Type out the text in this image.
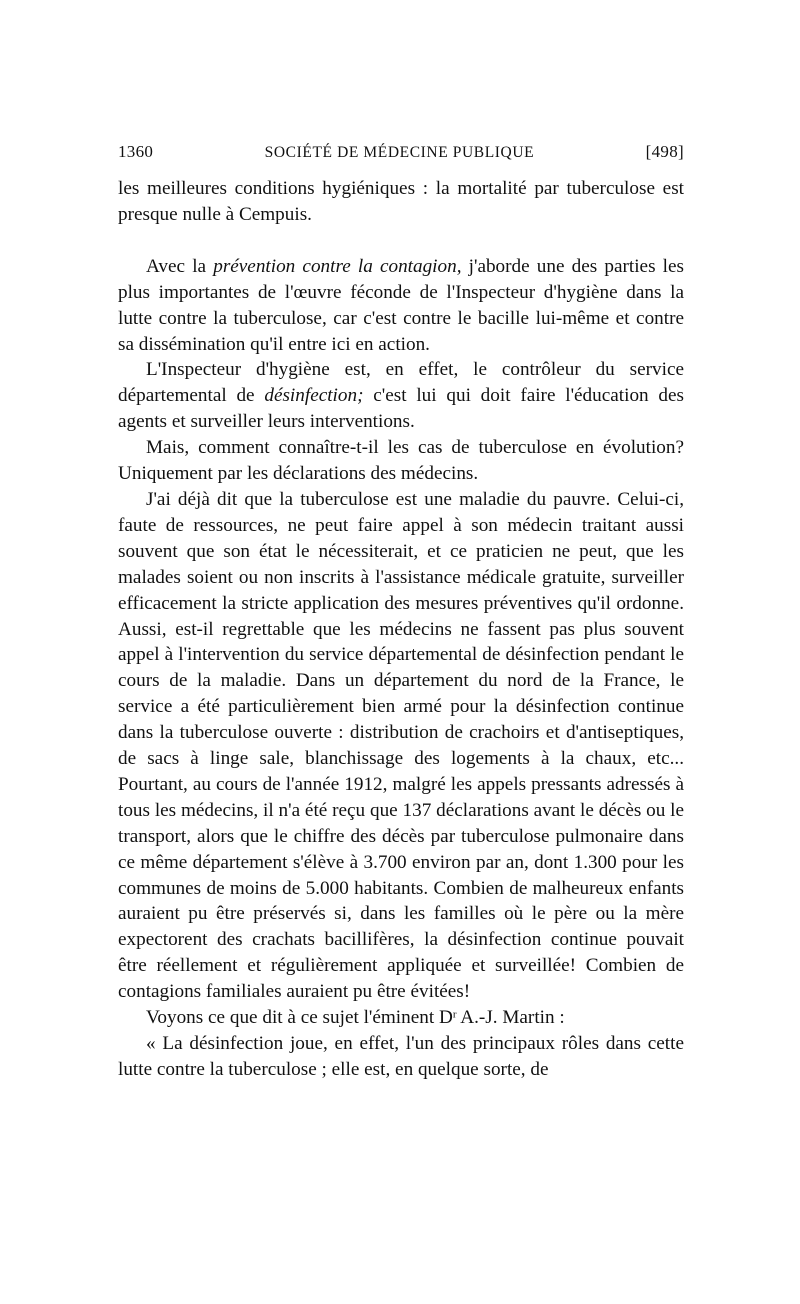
1360	SOCIÉTÉ DE MÉDECINE PUBLIQUE	[498]

les meilleures conditions hygiéniques : la mortalité par tuberculose est presque nulle à Cempuis.

Avec la prévention contre la contagion, j'aborde une des parties les plus importantes de l'œuvre féconde de l'Inspecteur d'hygiène dans la lutte contre la tuberculose, car c'est contre le bacille lui-même et contre sa dissémination qu'il entre ici en action.

L'Inspecteur d'hygiène est, en effet, le contrôleur du service départemental de désinfection; c'est lui qui doit faire l'éducation des agents et surveiller leurs interventions.

Mais, comment connaître-t-il les cas de tuberculose en évolution? Uniquement par les déclarations des médecins.

J'ai déjà dit que la tuberculose est une maladie du pauvre. Celui-ci, faute de ressources, ne peut faire appel à son médecin traitant aussi souvent que son état le nécessiterait, et ce praticien ne peut, que les malades soient ou non inscrits à l'assistance médicale gratuite, surveiller efficacement la stricte application des mesures préventives qu'il ordonne. Aussi, est-il regrettable que les médecins ne fassent pas plus souvent appel à l'intervention du service départemental de désinfection pendant le cours de la maladie. Dans un département du nord de la France, le service a été particulièrement bien armé pour la désinfection continue dans la tuberculose ouverte : distribution de crachoirs et d'antiseptiques, de sacs à linge sale, blanchissage des logements à la chaux, etc... Pourtant, au cours de l'année 1912, malgré les appels pressants adressés à tous les médecins, il n'a été reçu que 137 déclarations avant le décès ou le transport, alors que le chiffre des décès par tuberculose pulmonaire dans ce même département s'élève à 3.700 environ par an, dont 1.300 pour les communes de moins de 5.000 habitants. Combien de malheureux enfants auraient pu être préservés si, dans les familles où le père ou la mère expectorent des crachats bacillifères, la désinfection continue pouvait être réellement et régulièrement appliquée et surveillée! Combien de contagions familiales auraient pu être évitées!

Voyons ce que dit à ce sujet l'éminent $D^r$ A.-J. Martin :

« La désinfection joue, en effet, l'un des principaux rôles dans cette lutte contre la tuberculose ; elle est, en quelque sorte, de
